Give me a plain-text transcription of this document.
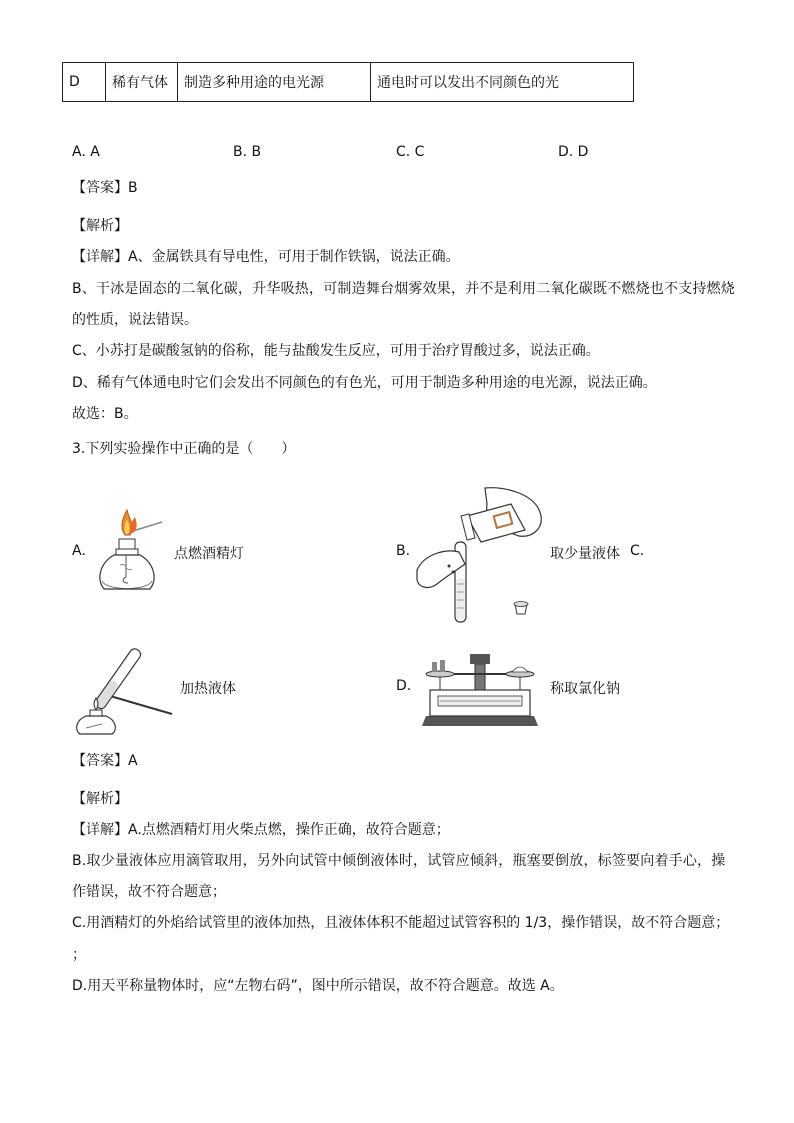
D	稀有气体	制造多种用途的电光源	通电时可以发出不同颜色的光
A. A	B. B	C. C	D. D
【答案】B
【解析】
【详解】A、金属铁具有导电性，可用于制作铁锅，说法正确。
B、干冰是固态的二氧化碳，升华吸热，可制造舞台烟雾效果，并不是利用二氧化碳既不燃烧也不支持燃烧
的性质，说法错误。
C、小苏打是碳酸氢钠的俗称，能与盐酸发生反应，可用于治疗胃酸过多，说法正确。
D、稀有气体通电时它们会发出不同颜色的有色光，可用于制造多种用途的电光源，说法正确。
故选：B。
3.下列实验操作中正确的是（　　）
A.	点燃酒精灯	B.	取少量液体 C.
加热液体	D.	称取氯化钠
【答案】A
【解析】
【详解】A.点燃酒精灯用火柴点燃，操作正确，故符合题意；
B.取少量液体应用滴管取用，另外向试管中倾倒液体时，试管应倾斜，瓶塞要倒放，标签要向着手心，操
作错误，故不符合题意；
C.用酒精灯的外焰给试管里的液体加热，且液体体积不能超过试管容积的 1/3，操作错误，故不符合题意；
；
D.用天平称量物体时，应“左物右码”，图中所示错误，故不符合题意。故选 A。
